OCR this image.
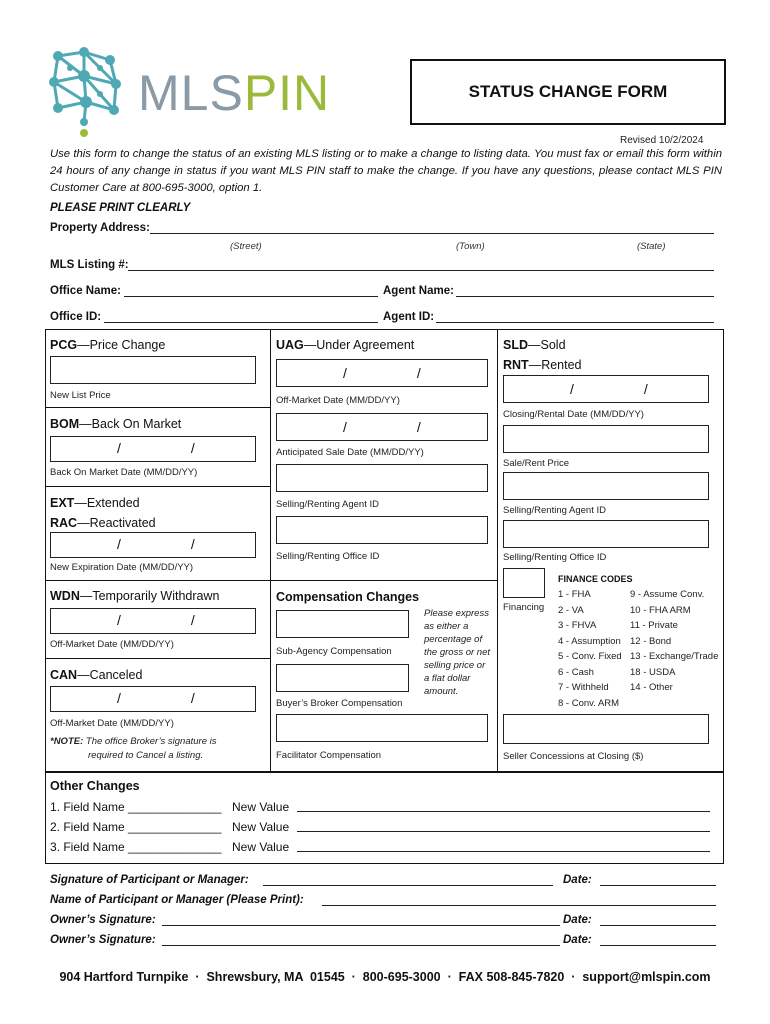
MLSPIN	STATUS CHANGE FORM
Revised 10/2/2024
Use this form to change the status of an existing MLS listing or to make a change to listing data. You must fax or email this form within 24 hours of any change in status if you want MLS PIN staff to make the change. If you have any questions, please contact MLS PIN Customer Care at 800-695-3000, option 1.
PLEASE PRINT CLEARLY
Property Address:
(Street)	(Town)	(State)
MLS Listing #:
Office Name:	Agent Name:
Office ID:	Agent ID:
PCG—Price Change
New List Price
BOM—Back On Market
/                  /
Back On Market Date (MM/DD/YY)
EXT—Extended
RAC—Reactivated
/                  /
New Expiration Date (MM/DD/YY)
WDN—Temporarily Withdrawn
/                  /
Off-Market Date (MM/DD/YY)
CAN—Canceled
/                  /
Off-Market Date (MM/DD/YY)
*NOTE: The office Broker’s signature is
required to Cancel a listing.
UAG—Under Agreement
/                  /
Off-Market Date (MM/DD/YY)
/                  /
Anticipated Sale Date (MM/DD/YY)
Selling/Renting Agent ID
Selling/Renting Office ID
Compensation Changes
Sub-Agency Compensation
Buyer’s Broker Compensation
Please express as either a percentage of the gross or net selling price or a flat dollar amount.
Facilitator Compensation
SLD—Sold
RNT—Rented
/                  /
Closing/Rental Date (MM/DD/YY)
Sale/Rent Price
Selling/Renting Agent ID
Selling/Renting Office ID
Financing
FINANCE CODES
1 - FHA
2 - VA
3 - FHVA
4 - Assumption
5 - Conv. Fixed
6 - Cash
7 - Withheld
8 - Conv. ARM
9 - Assume Conv.
10 - FHA ARM
11 - Private
12 - Bond
13 - Exchange/Trade
18 - USDA
14 - Other
Seller Concessions at Closing ($)
Other Changes
1. Field Name ______________ New Value
2. Field Name ______________ New Value
3. Field Name ______________ New Value
Signature of Participant or Manager:	Date:
Name of Participant or Manager (Please Print):
Owner’s Signature:	Date:
Owner’s Signature:	Date:
904 Hartford Turnpike  ·  Shrewsbury, MA  01545  ·  800-695-3000  ·  FAX 508-845-7820  ·  support@mlspin.com
